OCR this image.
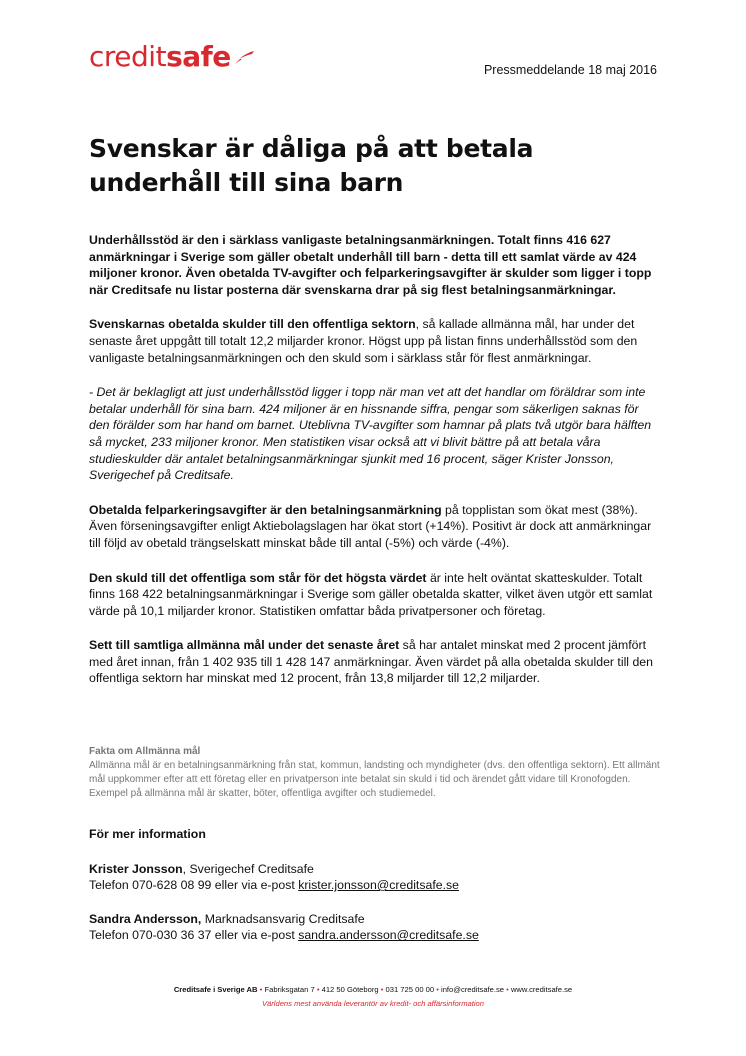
credit safe	Pressmeddelande 18 maj 2016
Svenskar är dåliga på att betala underhåll till sina barn

Underhållsstöd är den i särklass vanligaste betalningsanmärkningen. Totalt finns 416 627 anmärkningar i Sverige som gäller obetalt underhåll till barn - detta till ett samlat värde av 424 miljoner kronor. Även obetalda TV-avgifter och felparkeringsavgifter är skulder som ligger i topp när Creditsafe nu listar posterna där svenskarna drar på sig flest betalningsanmärkningar.

Svenskarnas obetalda skulder till den offentliga sektorn, så kallade allmänna mål, har under det senaste året uppgått till totalt 12,2 miljarder kronor. Högst upp på listan finns underhållsstöd som den vanligaste betalningsanmärkningen och den skuld som i särklass står för flest anmärkningar.

- Det är beklagligt att just underhållsstöd ligger i topp när man vet att det handlar om föräldrar som inte betalar underhåll för sina barn. 424 miljoner är en hissnande siffra, pengar som säkerligen saknas för den förälder som har hand om barnet. Uteblivna TV-avgifter som hamnar på plats två utgör bara hälften så mycket, 233 miljoner kronor. Men statistiken visar också att vi blivit bättre på att betala våra studieskulder där antalet betalningsanmärkningar sjunkit med 16 procent, säger Krister Jonsson, Sverigechef på Creditsafe.

Obetalda felparkeringsavgifter är den betalningsanmärkning på topplistan som ökat mest (38%). Även förseningsavgifter enligt Aktiebolagslagen har ökat stort (+14%). Positivt är dock att anmärkningar till följd av obetald trängselskatt minskat både till antal (-5%) och värde (-4%).

Den skuld till det offentliga som står för det högsta värdet är inte helt oväntat skatteskulder. Totalt finns 168 422 betalningsanmärkningar i Sverige som gäller obetalda skatter, vilket även utgör ett samlat värde på 10,1 miljarder kronor. Statistiken omfattar båda privatpersoner och företag.

Sett till samtliga allmänna mål under det senaste året så har antalet minskat med 2 procent jämfört med året innan, från 1 402 935 till 1 428 147 anmärkningar. Även värdet på alla obetalda skulder till den offentliga sektorn har minskat med 12 procent, från 13,8 miljarder till 12,2 miljarder.

Fakta om Allmänna mål
Allmänna mål är en betalningsanmärkning från stat, kommun, landsting och myndigheter (dvs. den offentliga sektorn). Ett allmänt mål uppkommer efter att ett företag eller en privatperson inte betalat sin skuld i tid och ärendet gått vidare till Kronofogden. Exempel på allmänna mål är skatter, böter, offentliga avgifter och studiemedel.
För mer information
Krister Jonsson, Sverigechef Creditsafe
Telefon 070-628 08 99 eller via e-post krister.jonsson@creditsafe.se
Sandra Andersson, Marknadsansvarig Creditsafe
Telefon 070-030 36 37 eller via e-post sandra.andersson@creditsafe.se
Creditsafe i Sverige AB • Fabriksgatan 7 • 412 50 Göteborg • 031 725 00 00 • info@creditsafe.se • www.creditsafe.se
Världens mest använda leverantör av kredit- och affärsinformation
